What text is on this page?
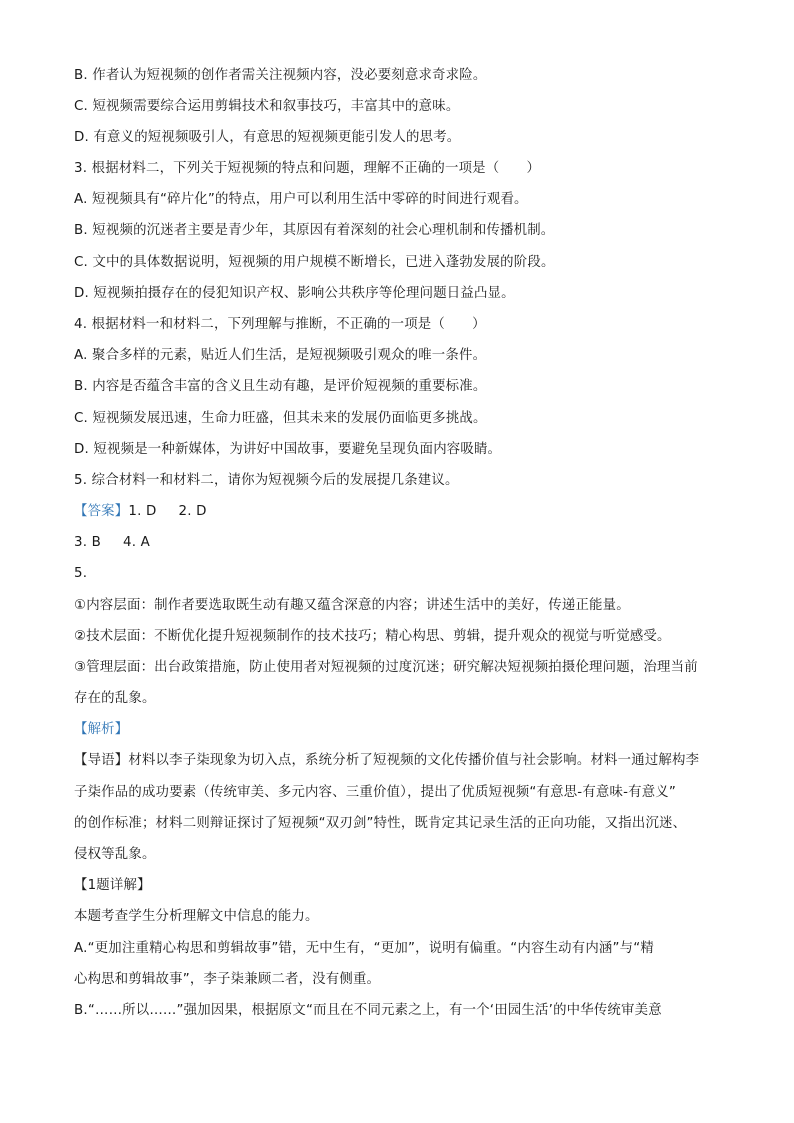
B. 作者认为短视频的创作者需关注视频内容，没必要刻意求奇求险。
C. 短视频需要综合运用剪辑技术和叙事技巧，丰富其中的意味。
D. 有意义的短视频吸引人，有意思的短视频更能引发人的思考。
3. 根据材料二，下列关于短视频的特点和问题，理解不正确的一项是（　　）
A. 短视频具有“碎片化”的特点，用户可以利用生活中零碎的时间进行观看。
B. 短视频的沉迷者主要是青少年，其原因有着深刻的社会心理机制和传播机制。
C. 文中的具体数据说明，短视频的用户规模不断增长，已进入蓬勃发展的阶段。
D. 短视频拍摄存在的侵犯知识产权、影响公共秩序等伦理问题日益凸显。
4. 根据材料一和材料二，下列理解与推断，不正确的一项是（　　）
A. 聚合多样的元素，贴近人们生活，是短视频吸引观众的唯一条件。
B. 内容是否蕴含丰富的含义且生动有趣，是评价短视频的重要标准。
C. 短视频发展迅速，生命力旺盛，但其未来的发展仍面临更多挑战。
D. 短视频是一种新媒体，为讲好中国故事，要避免呈现负面内容吸睛。
5. 综合材料一和材料二，请你为短视频今后的发展提几条建议。
【答案】1. D 2. D
3. B 4. A
5.
①内容层面：制作者要选取既生动有趣又蕴含深意的内容；讲述生活中的美好，传递正能量。
②技术层面：不断优化提升短视频制作的技术技巧；精心构思、剪辑，提升观众的视觉与听觉感受。
③管理层面：出台政策措施，防止使用者对短视频的过度沉迷；研究解决短视频拍摄伦理问题，治理当前
存在的乱象。
【解析】
【导语】材料以李子柒现象为切入点，系统分析了短视频的文化传播价值与社会影响。材料一通过解构李
子柒作品的成功要素（传统审美、多元内容、三重价值），提出了优质短视频“有意思-有意味-有意义”
的创作标准；材料二则辩证探讨了短视频“双刃剑”特性，既肯定其记录生活的正向功能，又指出沉迷、
侵权等乱象。
【1题详解】
本题考查学生分析理解文中信息的能力。
A.“更加注重精心构思和剪辑故事”错，无中生有，“更加”，说明有偏重。“内容生动有内涵”与“精
心构思和剪辑故事”，李子柒兼顾二者，没有侧重。
B.“……所以……”强加因果，根据原文“而且在不同元素之上，有一个‘田园生活’的中华传统审美意
